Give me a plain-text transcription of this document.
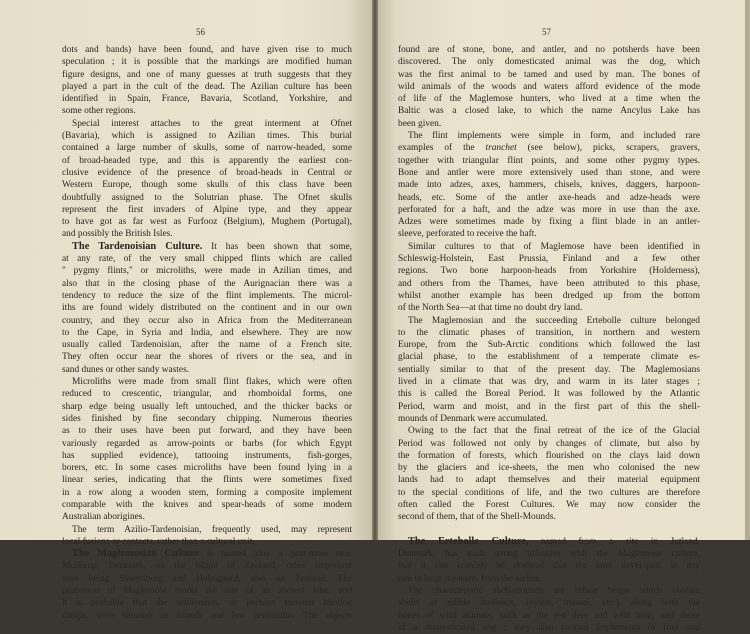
56
dots and bands) have been found, and have given rise to much
speculation ; it is possible that the markings are modified human
figure designs, and one of many guesses at truth suggests that they
played a part in the cult of the dead. The Azilian culture has been
identified in Spain, France, Bavaria, Scotland, Yorkshire, and
some other regions.
Special interest attaches to the great interment at Ofnet
(Bavaria), which is assigned to Azilian times. This burial
contained a large number of skulls, some of narrow-headed, some
of broad-headed type, and this is apparently the earliest con-
clusive evidence of the presence of broad-heads in Central or
Western Europe, though some skulls of this class have been
doubtfully assigned to the Solutrian phase. The Ofnet skulls
represent the first invaders of Alpine type, and they appear
to have got as far west as Furfooz (Belgium), Mughem (Portugal),
and possibly the British Isles.
The Tardenoisian Culture. It has been shown that some,
at any rate, of the very small chipped flints which are called
" pygmy flints," or microliths, were made in Azilian times, and
also that in the closing phase of the Aurignacian there was a
tendency to reduce the size of the flint implements. The microl-
iths are found widely distributed on the continent and in our own
country, and they occur also in Africa from the Mediterranean
to the Cape, in Syria and India, and elsewhere. They are now
usually called Tardenoisian, after the name of a French site.
They often occur near the shores of rivers or the sea, and in
sand dunes or other sandy wastes.
Microliths were made from small flint flakes, which were often
reduced to crescentic, triangular, and rhomboidal forms, one
sharp edge being usually left untouched, and the thicker backs or
sides finished by fine secondary chipping. Numerous theories
as to their uses have been put forward, and they have been
variously regarded as arrow-points or barbs (for which Egypt
has supplied evidence), tattooing instruments, fish-gorges,
borers, etc. In some cases microliths have been found lying in a
linear series, indicating that the flints were sometimes fixed
in a row along a wooden stem, forming a composite implement
comparable with the knives and spear-heads of some modern
Australian aborigines.
The term Azilio-Tardenoisian, frequently used, may represent
local fusions or contacts, rather than a cultural unit.
The Maglemosian Culture is named after a peat-moss near
Mullerup, Denmark, on the island of Zealand, other important
sites being Svaerdborg and Holmgaard, also on Zealand. The
peat-moss of Maglemose marks the site of an ancient lake, and
it is probable that the settlements, or perhaps summer hunting
camps, were situated on islands and low peninsulas. The objects
57
found are of stone, bone, and antler, and no potsherds have been
discovered. The only domesticated animal was the dog, which
was the first animal to be tamed and used by man. The bones of
wild animals of the woods and waters afford evidence of the mode
of life of the Maglemose hunters, who lived at a time when the
Baltic was a closed lake, to which the name Ancylus Lake has
been given.
The flint implements were simple in form, and included rare
examples of the tranchet (see below), picks, scrapers, gravers,
together with triangular flint points, and some other pygmy types.
Bone and antler were more extensively used than stone, and were
made into adzes, axes, hammers, chisels, knives, daggers, harpoon-
heads, etc. Some of the antler axe-heads and adze-heads were
perforated for a haft, and the adze was more in use than the axe.
Adzes were sometimes made by fixing a flint blade in an antler-
sleeve, perforated to receive the haft.
Similar cultures to that of Maglemose have been identified in
Schleswig-Holstein, East Prussia, Finland and a few other
regions. Two bone harpoon-heads from Yorkshire (Holderness),
and others from the Thames, have been attributed to this phase,
whilst another example has been dredged up from the bottom
of the North Sea—at that time no doubt dry land.
The Maglemosian and the succeeding Ertebolle culture belonged
to the climatic phases of transition, in northern and western
Europe, from the Sub-Arctic conditions which followed the last
glacial phase, to the establishment of a temperate climate es-
sentially similar to that of the present day. The Maglemosians
lived in a climate that was dry, and warm in its later stages ;
this is called the Boreal Period. It was followed by the Atlantic
Period, warm and moist, and in the first part of this the shell-
mounds of Denmark were accumulated.
Owing to the fact that the final retreat of the ice of the Glacial
Period was followed not only by changes of climate, but also by
the formation of forests, which flourished on the clays laid down
by the glaciers and ice-sheets, the men who colonised the new
lands had to adapt themselves and their material equipment
to the special conditions of life, and the two cultures are therefore
often called the Forest Cultures. We may now consider the
second of them, that of the Shell-Mounds.
The Ertebolle Culture, named from a site in Jutland,
Denmark, has such strong affinities with the Maglemose culture,
that it can scarcely be doubted that the later developed, at any
rate in large measure, from the earlier.
The characteristic shell-mounds are refuse heaps which contain
shells of edible molluscs, (oyster, mussel, etc.), along with the
bones of wild animals, such as the red deer and wild boar, and those
of a domesticated dog ; they also contain implements of flint and
